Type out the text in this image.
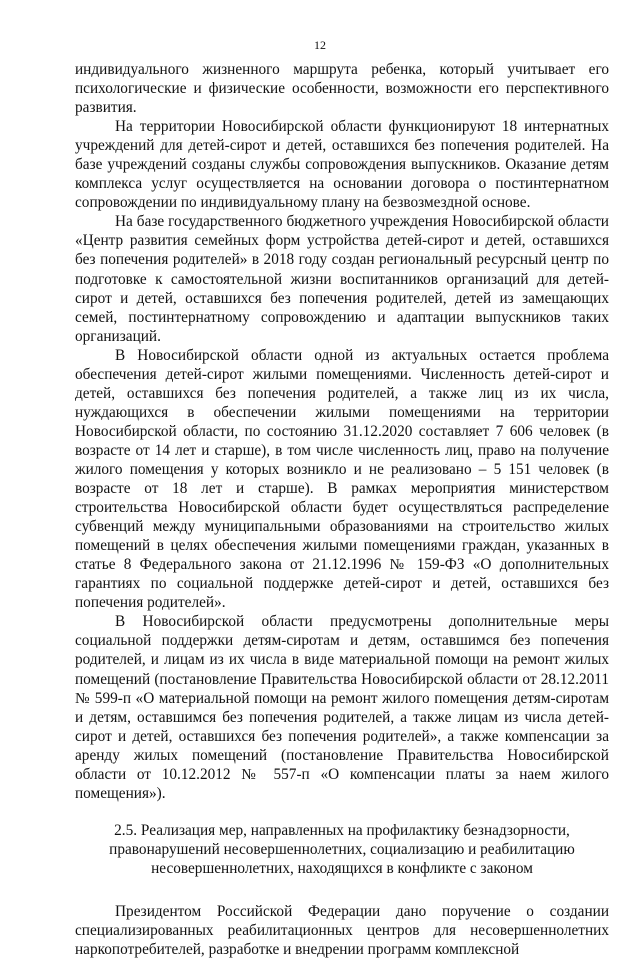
12

индивидуального жизненного маршрута ребенка, который учитывает его психологические и физические особенности, возможности его перспективного развития.

На территории Новосибирской области функционируют 18 интернатных учреждений для детей-сирот и детей, оставшихся без попечения родителей. На базе учреждений созданы службы сопровождения выпускников. Оказание детям комплекса услуг осуществляется на основании договора о постинтернатном сопровождении по индивидуальному плану на безвозмездной основе.

На базе государственного бюджетного учреждения Новосибирской области «Центр развития семейных форм устройства детей-сирот и детей, оставшихся без попечения родителей» в 2018 году создан региональный ресурсный центр по подготовке к самостоятельной жизни воспитанников организаций для детей-сирот и детей, оставшихся без попечения родителей, детей из замещающих семей, постинтернатному сопровождению и адаптации выпускников таких организаций.

В Новосибирской области одной из актуальных остается проблема обеспечения детей-сирот жилыми помещениями. Численность детей-сирот и детей, оставшихся без попечения родителей, а также лиц из их числа, нуждающихся в обеспечении жилыми помещениями на территории Новосибирской области, по состоянию 31.12.2020 составляет 7 606 человек (в возрасте от 14 лет и старше), в том числе численность лиц, право на получение жилого помещения у которых возникло и не реализовано – 5 151 человек (в возрасте от 18 лет и старше). В рамках мероприятия министерством строительства Новосибирской области будет осуществляться распределение субвенций между муниципальными образованиями на строительство жилых помещений в целях обеспечения жилыми помещениями граждан, указанных в статье 8 Федерального закона от 21.12.1996 № 159-ФЗ «О дополнительных гарантиях по социальной поддержке детей-сирот и детей, оставшихся без попечения родителей».

В Новосибирской области предусмотрены дополнительные меры социальной поддержки детям-сиротам и детям, оставшимся без попечения родителей, и лицам из их числа в виде материальной помощи на ремонт жилых помещений (постановление Правительства Новосибирской области от 28.12.2011 № 599-п «О материальной помощи на ремонт жилого помещения детям-сиротам и детям, оставшимся без попечения родителей, а также лицам из числа детей-сирот и детей, оставшихся без попечения родителей», а также компенсации за аренду жилых помещений (постановление Правительства Новосибирской области от 10.12.2012 № 557-п «О компенсации платы за наем жилого помещения»).

2.5. Реализация мер, направленных на профилактику безнадзорности,
правонарушений несовершеннолетних, социализацию и реабилитацию
несовершеннолетних, находящихся в конфликте с законом

Президентом Российской Федерации дано поручение о создании специализированных реабилитационных центров для несовершеннолетних наркопотребителей, разработке и внедрении программ комплексной
